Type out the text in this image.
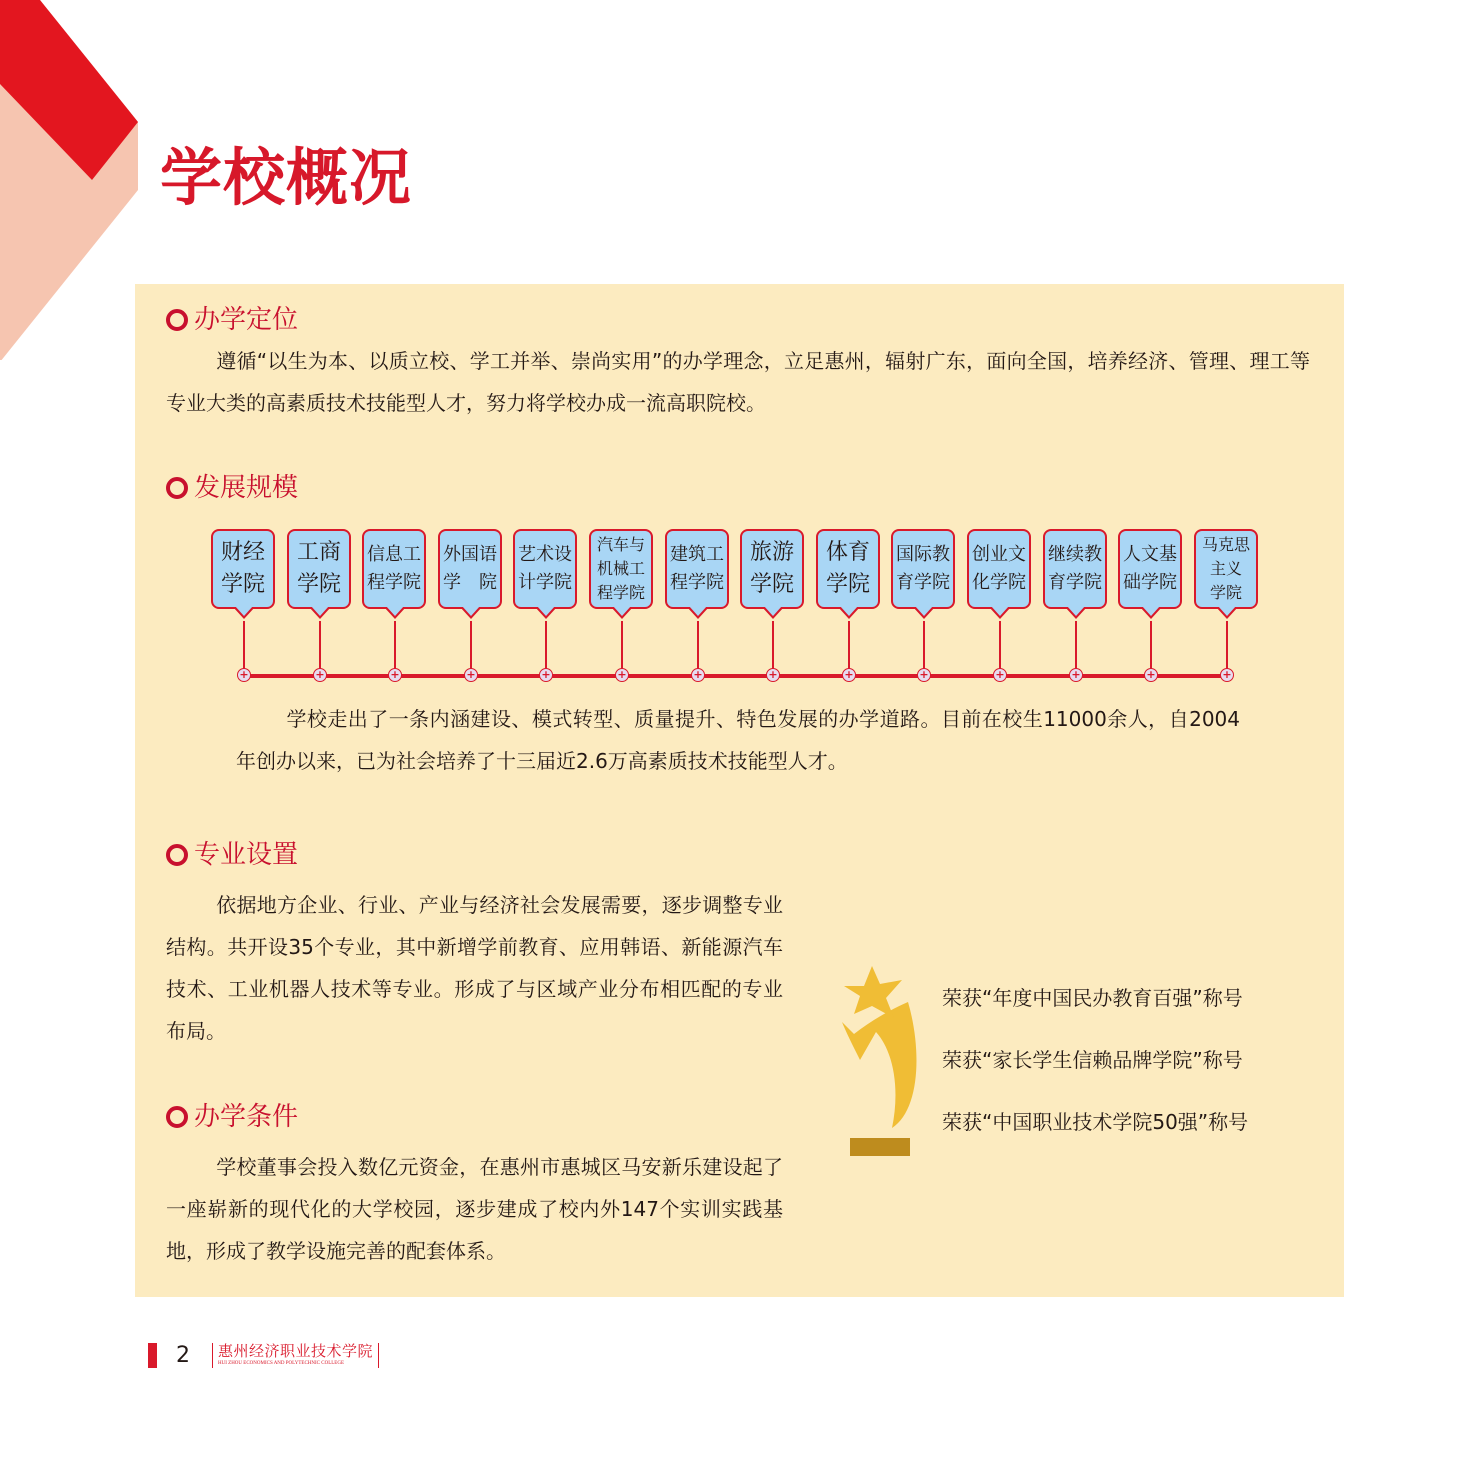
学校概况
办学定位

遵循“以生为本、以质立校、学工并举、崇尚实用”的办学理念，立足惠州，辐射广东，面向全国，培养经济、管理、理工等专业大类的高素质技术技能型人才，努力将学校办成一流高职院校。

发展规模
财经
学院
+
工商
学院
+
信息工
程学院
+
外国语
学　院
+
艺术设
计学院
+
汽车与
机械工
程学院
+
建筑工
程学院
+
旅游
学院
+
体育
学院
+
国际教
育学院
+
创业文
化学院
+
继续教
育学院
+
人文基
础学院
+
马克思
主义
学院
+

学校走出了一条内涵建设、模式转型、质量提升、特色发展的办学道路。目前在校生11000余人，自2004年创办以来，已为社会培养了十三届近2.6万高素质技术技能型人才。

专业设置

依据地方企业、行业、产业与经济社会发展需要，逐步调整专业结构。共开设35个专业，其中新增学前教育、应用韩语、新能源汽车技术、工业机器人技术等专业。形成了与区域产业分布相匹配的专业布局。

办学条件

学校董事会投入数亿元资金，在惠州市惠城区马安新乐建设起了一座崭新的现代化的大学校园，逐步建成了校内外147个实训实践基地，形成了教学设施完善的配套体系。

荣获“年度中国民办教育百强”称号
荣获“家长学生信赖品牌学院”称号
荣获“中国职业技术学院50强”称号
2 惠州经济职业技术学院
HUI ZHOU ECONOMICS AND POLYTECHNIC COLLEGE
